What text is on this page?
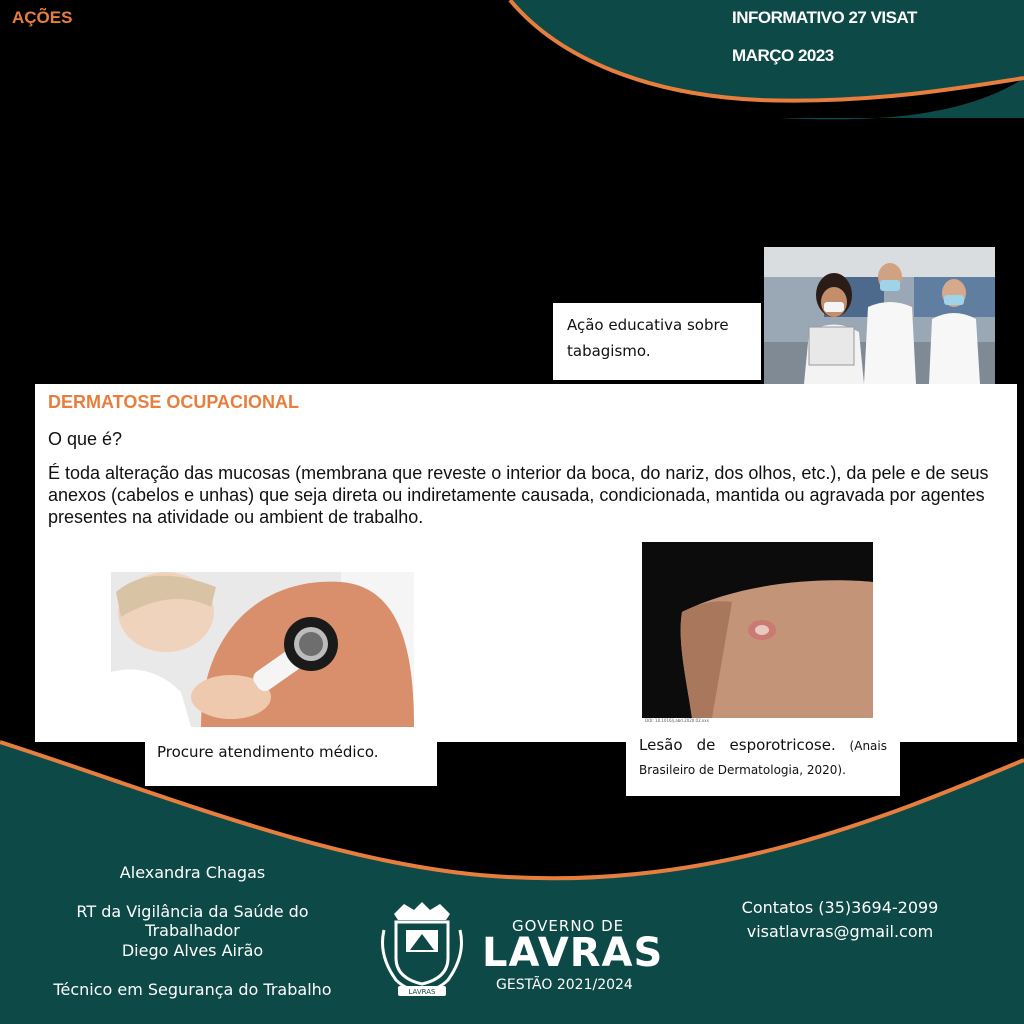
AÇÕES	INFORMATIVO 27 VISAT
MARÇO 2023
Ação educativa sobre tabagismo.
DERMATOSE OCUPACIONAL
O que é?
É toda alteração das mucosas (membrana que reveste o interior da boca, do nariz, dos olhos, etc.), da pele e de seus anexos (cabelos e unhas) que seja direta ou indiretamente causada, condicionada, mantida ou agravada por agentes presentes na atividade ou ambient de trabalho.
Procure atendimento médico.
DOI: 10.1016/j.abd.2020.02.xxx
Lesão de esporotricose. (Anais Brasileiro de Dermatologia, 2020).
Alexandra Chagas
RT da Vigilância da Saúde do Trabalhador
Diego Alves Airão
Técnico em Segurança do Trabalho	LAVRAS
GOVERNO DE
LAVRAS
GESTÃO 2021/2024
Contatos (35)3694-2099
visatlavras@gmail.com
